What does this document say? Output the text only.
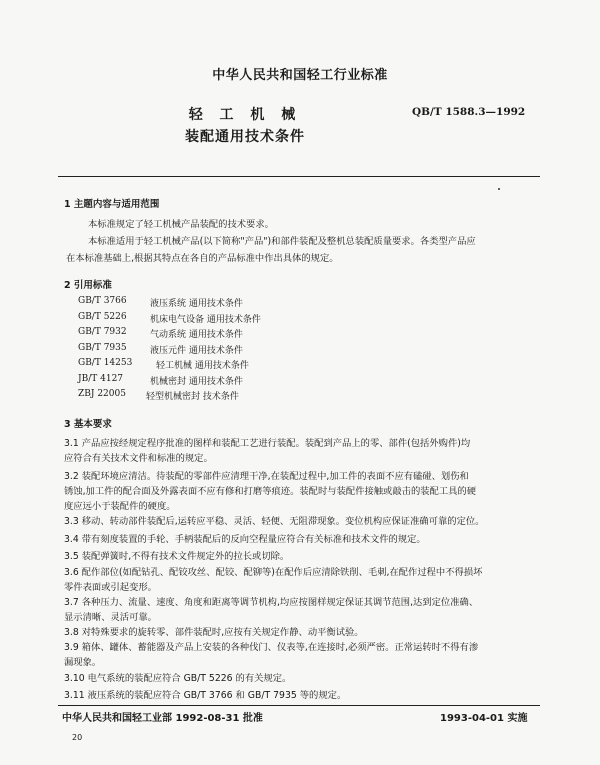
中华人民共和国轻工行业标准
轻 工 机 械
装配通用技术条件
QB/T 1588.3—1992
1 主题内容与适用范围
本标准规定了轻工机械产品装配的技术要求。
本标准适用于轻工机械产品(以下简称"产品")和部件装配及整机总装配质量要求。各类型产品应
在本标准基础上,根据其特点在各自的产品标准中作出具体的规定。
2 引用标准
GB/T 3766	液压系统 通用技术条件
GB/T 5226	机床电气设备 通用技术条件
GB/T 7932	气动系统 通用技术条件
GB/T 7935	液压元件 通用技术条件
GB/T 14253	轻工机械 通用技术条件
JB/T 4127	机械密封 通用技术条件
ZBJ 22005 轻型机械密封 技术条件
3 基本要求
3.1 产品应按经规定程序批准的图样和装配工艺进行装配。装配到产品上的零、部件(包括外购件)均
应符合有关技术文件和标准的规定。
3.2 装配环境应清洁。待装配的零部件应清理干净,在装配过程中,加工件的表面不应有磕碰、划伤和
锈蚀,加工件的配合面及外露表面不应有修和打磨等痕迹。装配时与装配件接触或敲击的装配工具的硬
度应远小于装配件的硬度。
3.3 移动、转动部件装配后,运转应平稳、灵活、轻便、无阻滞现象。变位机构应保证准确可靠的定位。
3.4 带有刻度装置的手轮、手柄装配后的反向空程量应符合有关标准和技术文件的规定。
3.5 装配弹簧时,不得有技术文件规定外的拉长或切除。
3.6 配作部位(如配钻孔、配铰攻丝、配铰、配铆等)在配作后应清除铁削、毛刺,在配作过程中不得损坏
零件表面或引起变形。
3.7 各种压力、流量、速度、角度和距离等调节机构,均应按图样规定保证其调节范围,达到定位准确、
显示清晰、灵活可靠。
3.8 对特殊要求的旋转零、部件装配时,应按有关规定作静、动平衡试验。
3.9 箱体、罐体、蓄能器及产品上安装的各种伐门、仪表等,在连接时,必须严密。正常运转时不得有渗
漏现象。
3.10 电气系统的装配应符合 GB/T 5226 的有关规定。
3.11 液压系统的装配应符合 GB/T 3766 和 GB/T 7935 等的规定。
中华人民共和国轻工业部 1992-08-31 批准	1993-04-01 实施
20
